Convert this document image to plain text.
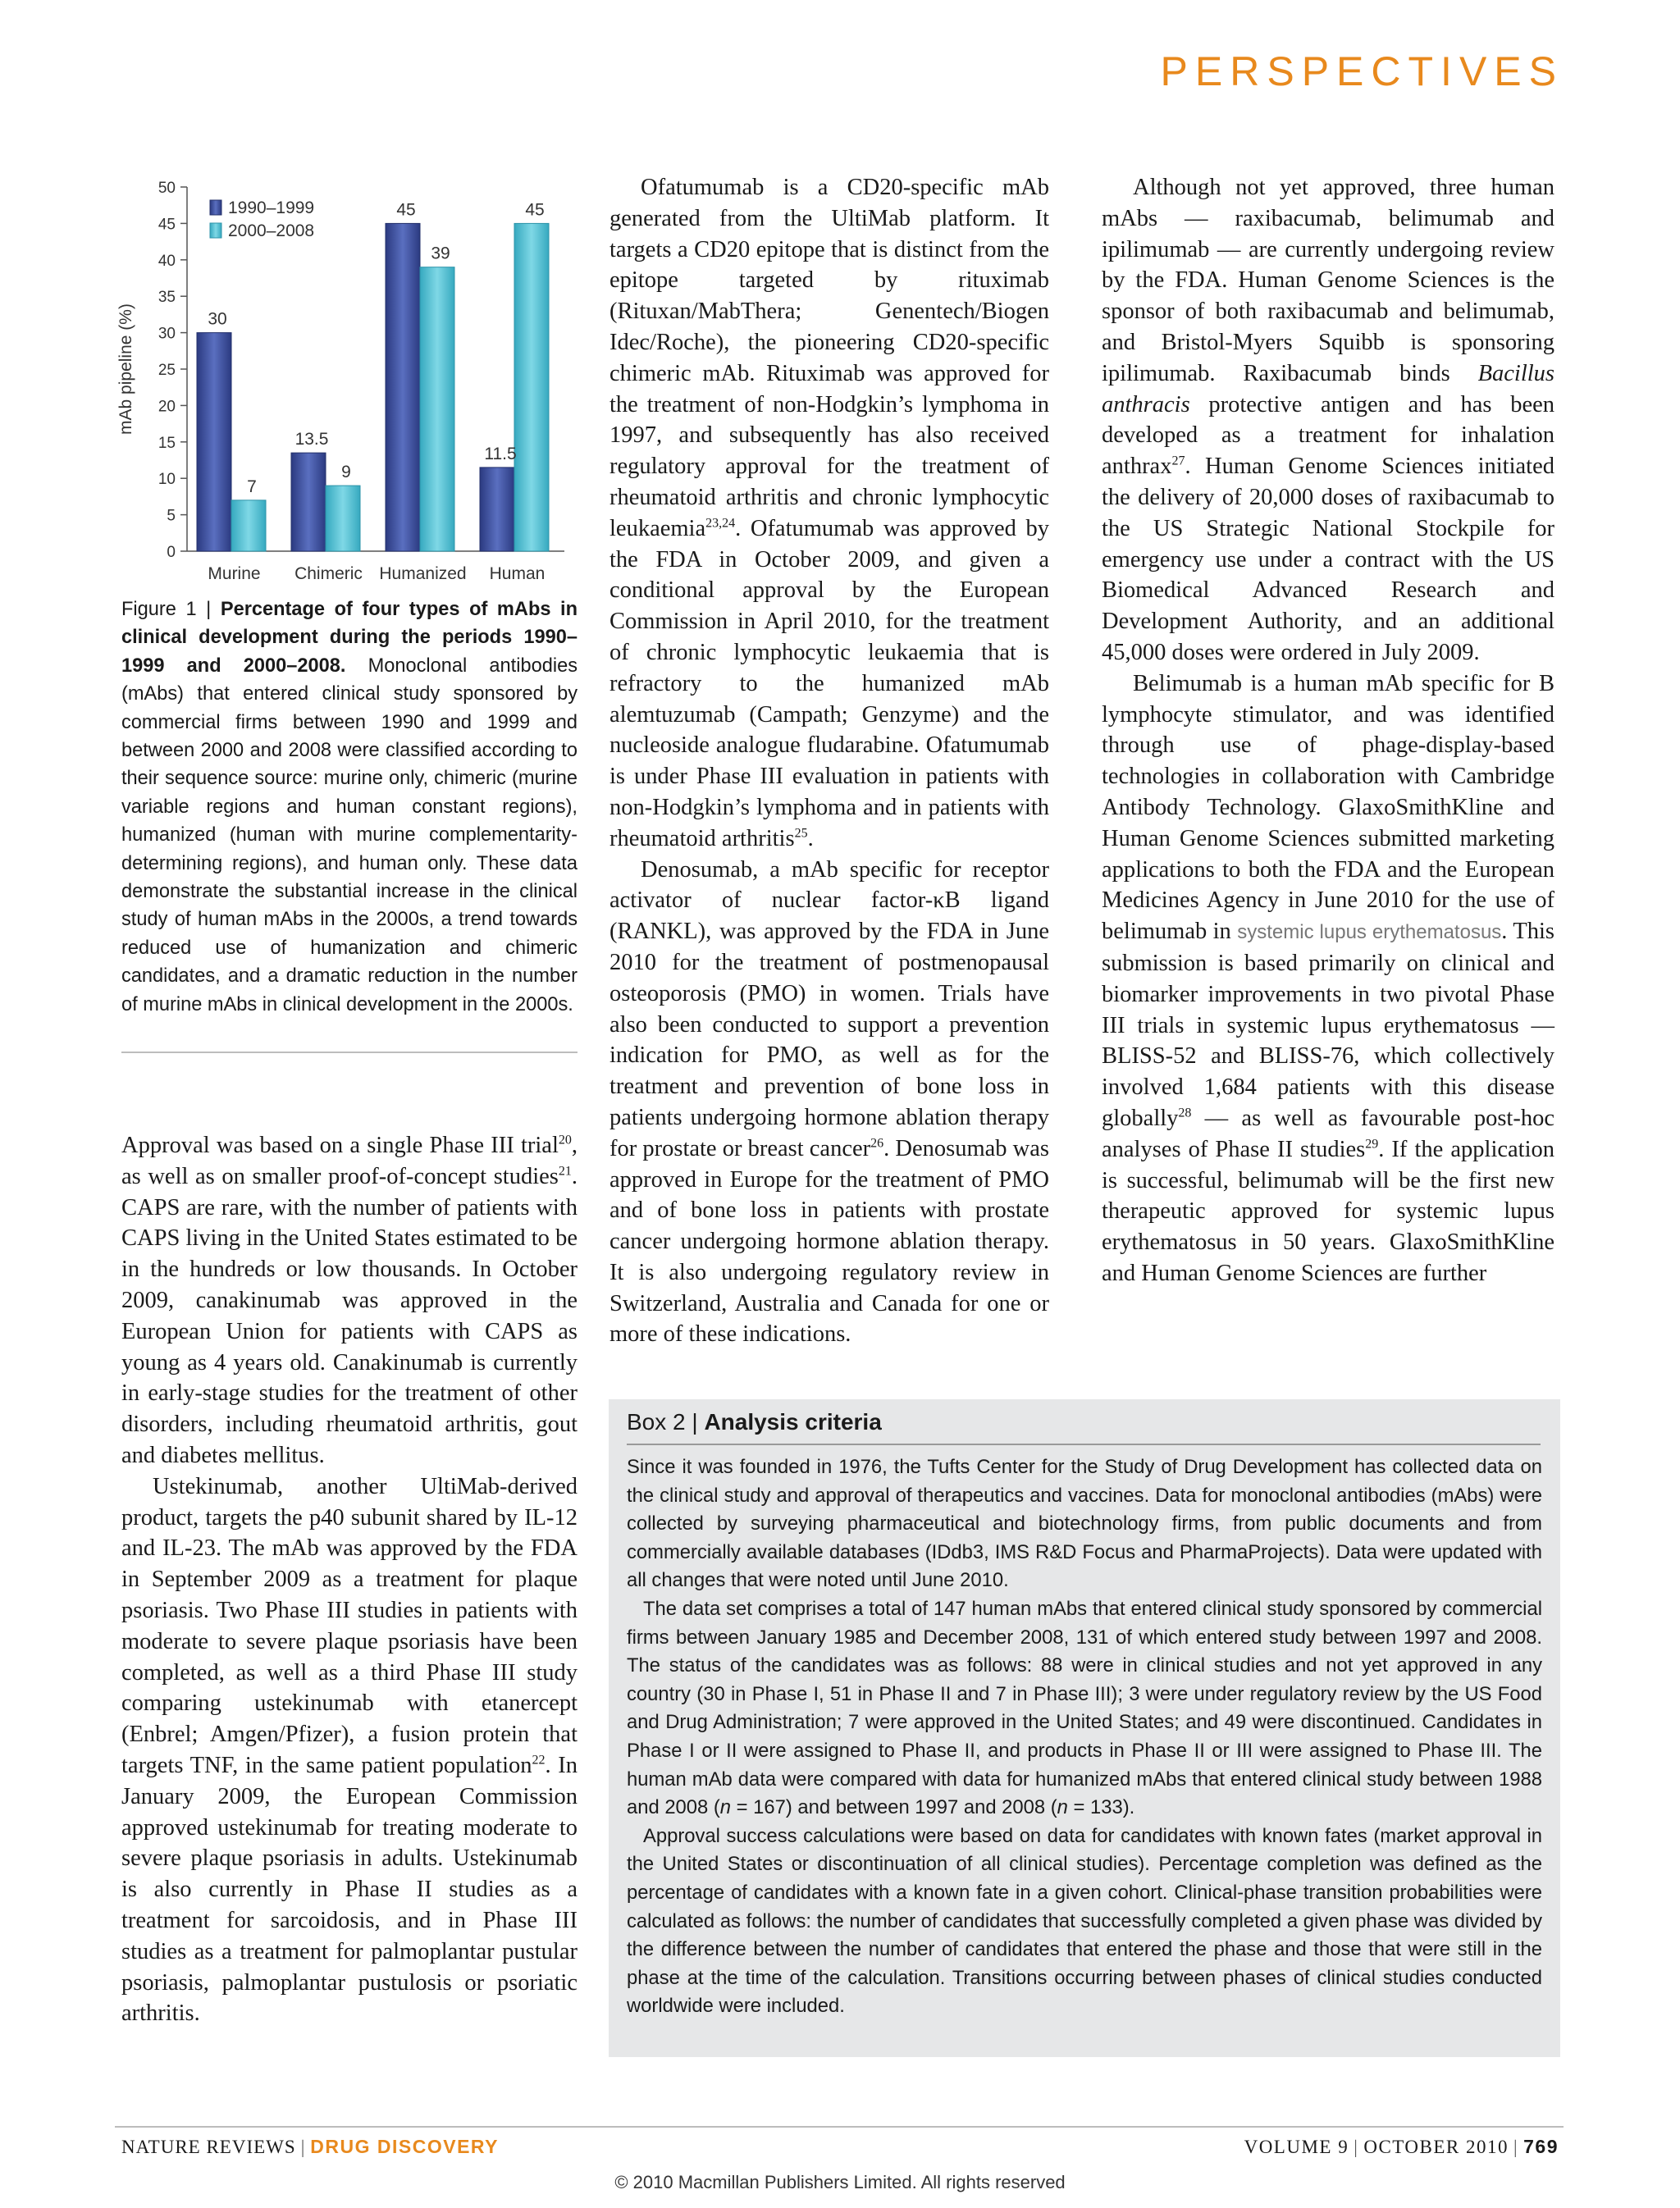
PERSPECTIVES
0
5
10
15
20
25
30
35
40
45
50
mAb pipeline (%)
Murine
30
7
Chimeric
13.5
9
Humanized
45
39
Human
11.5
45
1990–1999
2000–2008
Figure 1 | Percentage of four types of mAbs in clinical development during the periods 1990–1999 and 2000–2008. Monoclonal antibodies (mAbs) that entered clinical study sponsored by commercial firms between 1990 and 1999 and between 2000 and 2008 were classified according to their sequence source: murine only, chimeric (murine variable regions and human constant regions), humanized (human with murine complementarity-determining regions), and human only. These data demonstrate the substantial increase in the clinical study of human mAbs in the 2000s, a trend towards reduced use of humanization and chimeric candidates, and a dramatic reduction in the number of murine mAbs in clinical development in the 2000s.

Approval was based on a single Phase III trial$^{20}$, as well as on smaller proof-of-concept studies$^{21}$. CAPS are rare, with the number of patients with CAPS living in the United States estimated to be in the hundreds or low thousands. In October 2009, canakinumab was approved in the European Union for patients with CAPS as young as 4 years old. Canakinumab is currently in early-stage studies for the treatment of other disorders, including rheumatoid arthritis, gout and diabetes mellitus.

Ustekinumab, another UltiMab-derived product, targets the p40 subunit shared by IL-12 and IL-23. The mAb was approved by the FDA in September 2009 as a treatment for plaque psoriasis. Two Phase III studies in patients with moderate to severe plaque psoriasis have been completed, as well as a third Phase III study comparing ustekinumab with etanercept (Enbrel; Amgen/Pfizer), a fusion protein that targets TNF, in the same patient population$^{22}$. In January 2009, the European Commission approved ustekinumab for treating moderate to severe plaque psoriasis in adults. Ustekinumab is also currently in Phase II studies as a treatment for sarcoidosis, and in Phase III studies as a treatment for palmoplantar pustular psoriasis, palmoplantar pustulosis or psoriatic arthritis.

Ofatumumab is a CD20-specific mAb generated from the UltiMab platform. It targets a CD20 epitope that is distinct from the epitope targeted by rituximab (Rituxan/MabThera; Genentech/Biogen Idec/Roche), the pioneering CD20-specific chimeric mAb. Rituximab was approved for the treatment of non-Hodgkin’s lymphoma in 1997, and subsequently has also received regulatory approval for the treatment of rheumatoid arthritis and chronic lymphocytic leukaemia$^{23,24}$. Ofatumumab was approved by the FDA in October 2009, and given a conditional approval by the European Commission in April 2010, for the treatment of chronic lymphocytic leukaemia that is refractory to the humanized mAb alemtuzumab (Campath; Genzyme) and the nucleoside analogue fludarabine. Ofatumumab is under Phase III evaluation in patients with non-Hodgkin’s lymphoma and in patients with rheumatoid arthritis$^{25}$.

Denosumab, a mAb specific for receptor activator of nuclear factor-κB ligand (RANKL), was approved by the FDA in June 2010 for the treatment of postmenopausal osteoporosis (PMO) in women. Trials have also been conducted to support a prevention indication for PMO, as well as for the treatment and prevention of bone loss in patients undergoing hormone ablation therapy for prostate or breast cancer$^{26}$. Denosumab was approved in Europe for the treatment of PMO and of bone loss in patients with prostate cancer undergoing hormone ablation therapy. It is also undergoing regulatory review in Switzerland, Australia and Canada for one or more of these indications.

Although not yet approved, three human mAbs — raxibacumab, belimumab and ipilimumab — are currently undergoing review by the FDA. Human Genome Sciences is the sponsor of both raxibacumab and belimumab, and Bristol-Myers Squibb is sponsoring ipilimumab. Raxibacumab binds Bacillus anthracis protective antigen and has been developed as a treatment for inhalation anthrax$^{27}$. Human Genome Sciences initiated the delivery of 20,000 doses of raxibacumab to the US Strategic National Stockpile for emergency use under a contract with the US Biomedical Advanced Research and Development Authority, and an additional 45,000 doses were ordered in July 2009.

Belimumab is a human mAb specific for B lymphocyte stimulator, and was identified through use of phage-display-based technologies in collaboration with Cambridge Antibody Technology. GlaxoSmithKline and Human Genome Sciences submitted marketing applications to both the FDA and the European Medicines Agency in June 2010 for the use of belimumab in systemic lupus erythematosus. This submission is based primarily on clinical and biomarker improvements in two pivotal Phase III trials in systemic lupus erythematosus — BLISS-52 and BLISS-76, which collectively involved 1,684 patients with this disease globally$^{28}$ — as well as favourable post-hoc analyses of Phase II studies$^{29}$. If the application is successful, belimumab will be the first new therapeutic approved for systemic lupus erythematosus in 50 years. GlaxoSmithKline and Human Genome Sciences are further

Box 2 | Analysis criteria

Since it was founded in 1976, the Tufts Center for the Study of Drug Development has collected data on the clinical study and approval of therapeutics and vaccines. Data for monoclonal antibodies (mAbs) were collected by surveying pharmaceutical and biotechnology firms, from public documents and from commercially available databases (IDdb3, IMS R&D Focus and PharmaProjects). Data were updated with all changes that were noted until June 2010.

The data set comprises a total of 147 human mAbs that entered clinical study sponsored by commercial firms between January 1985 and December 2008, 131 of which entered study between 1997 and 2008. The status of the candidates was as follows: 88 were in clinical studies and not yet approved in any country (30 in Phase I, 51 in Phase II and 7 in Phase III); 3 were under regulatory review by the US Food and Drug Administration; 7 were approved in the United States; and 49 were discontinued. Candidates in Phase I or II were assigned to Phase II, and products in Phase II or III were assigned to Phase III. The human mAb data were compared with data for humanized mAbs that entered clinical study between 1988 and 2008 (n = 167) and between 1997 and 2008 (n = 133).

Approval success calculations were based on data for candidates with known fates (market approval in the United States or discontinuation of all clinical studies). Percentage completion was defined as the percentage of candidates with a known fate in a given cohort. Clinical-phase transition probabilities were calculated as follows: the number of candidates that successfully completed a given phase was divided by the difference between the number of candidates that entered the phase and those that were still in the phase at the time of the calculation. Transitions occurring between phases of clinical studies conducted worldwide were included.

NATURE REVIEWS | DRUG DISCOVERY	VOLUME 9 | OCTOBER 2010 | 769
© 2010 Macmillan Publishers Limited. All rights reserved
